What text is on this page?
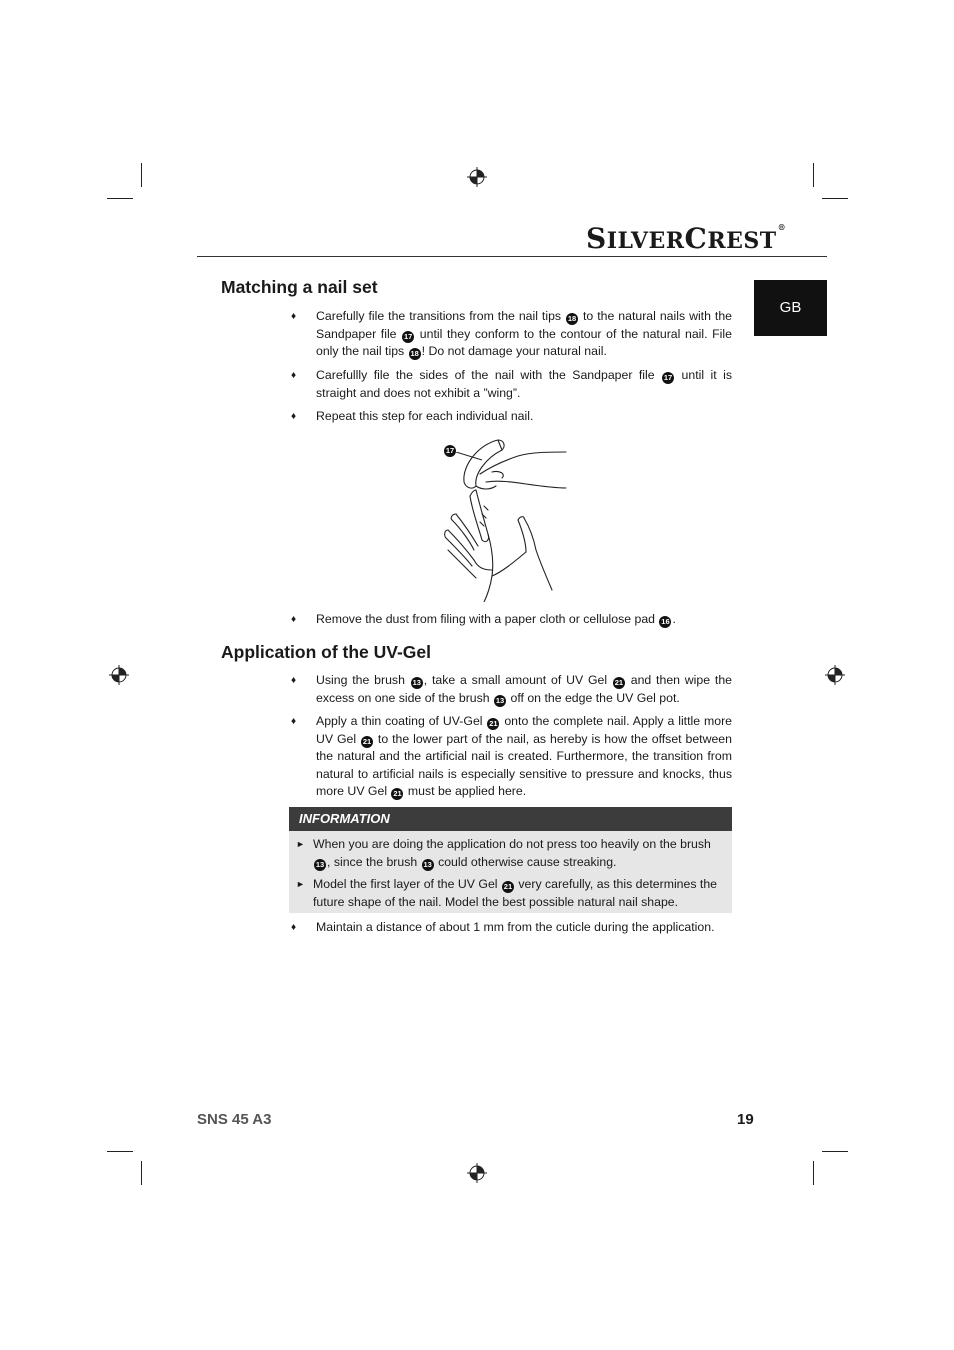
SILVERCREST®
GB
Matching a nail set
♦ Carefully file the transitions from the nail tips 18 to the natural nails with the Sandpaper file 17 until they conform to the contour of the natural nail. File only the nail tips 18 ! Do not damage your natural nail.
♦ Carefullly file the sides of the nail with the Sandpaper file 17 until it is straight and does not exhibit a ”wing”.
♦ Repeat this step for each individual nail.
17
♦ Remove the dust from filing with a paper cloth or cellulose pad 16 .
Application of the UV-Gel
♦ Using the brush 13 , take a small amount of UV Gel 21 and then wipe the excess on one side of the brush 13 off on the edge the UV Gel pot.
♦ Apply a thin coating of UV-Gel 21 onto the complete nail. Apply a little more UV Gel 21 to the lower part of the nail, as hereby is how the offset between the natural and the artificial nail is created. Furthermore, the transition from natural to artificial nails is especially sensitive to pressure and knocks, thus more UV Gel 21 must be applied here.
INFORMATION
► When you are doing the application do not press too heavily on the brush 13 , since the brush 13 could otherwise cause streaking.
► Model the first layer of the UV Gel 21 very carefully, as this determines the future shape of the nail. Model the best possible natural nail shape.
♦ Maintain a distance of about 1 mm from the cuticle during the application.
SNS 45 A3	19
